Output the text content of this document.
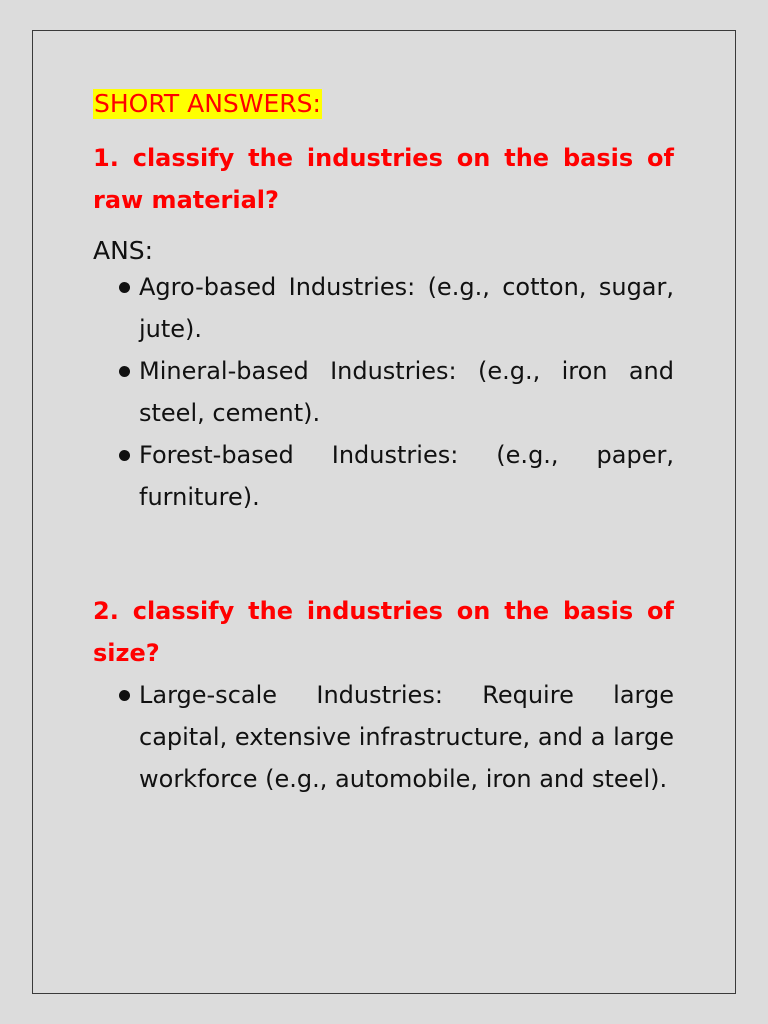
SHORT ANSWERS:

1. classify the industries on the basis of raw material?

ANS:

Agro-based Industries: (e.g., cotton, sugar, jute).
Mineral-based Industries: (e.g., iron and steel, cement).
Forest-based Industries: (e.g., paper, furniture).

2. classify the industries on the basis of size?

Large-scale Industries: Require large capital, extensive infrastructure, and a large workforce (e.g., automobile, iron and steel).
